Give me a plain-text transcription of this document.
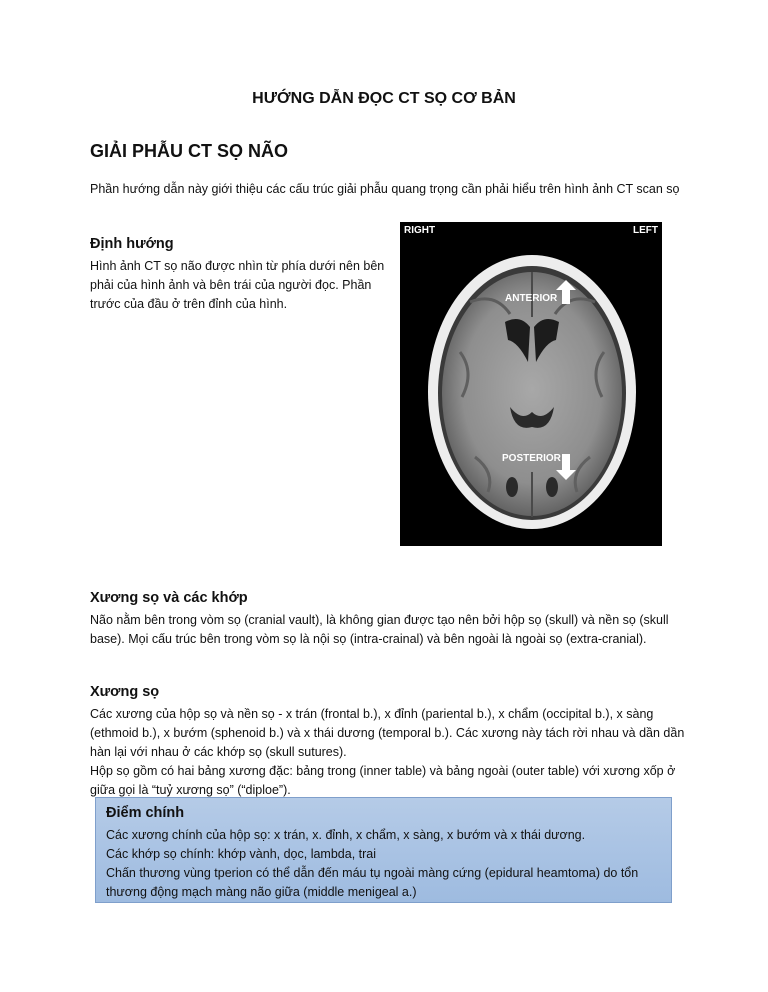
HƯỚNG DẪN ĐỌC CT SỌ CƠ BẢN
GIẢI PHẪU CT SỌ NÃO
Phần hướng dẫn này giới thiệu các cấu trúc giải phẫu quang trọng cần phải hiểu trên hình ảnh CT scan sọ
Định hướng
Hình ảnh CT sọ não được nhìn từ phía dưới nên bên phải của hình ảnh và bên trái của người đọc. Phần trước của đầu ở trên đỉnh của hình.
RIGHT	LEFT
ANTERIOR
POSTERIOR
Xương sọ và các khớp
Não nằm bên trong vòm sọ (cranial vault), là không gian được tạo nên bởi hộp sọ (skull) và nền sọ (skull base). Mọi cấu trúc bên trong vòm sọ là nội sọ (intra-crainal) và bên ngoài là ngoài sọ (extra-cranial).
Xương sọ
Các xương của hộp sọ và nền sọ - x trán (frontal b.), x đỉnh (pariental b.), x chẩm (occipital b.), x sàng (ethmoid b.), x bướm (sphenoid b.) và x thái dương (temporal b.). Các xương này tách rời nhau và dần dần hàn lại với nhau ở các khớp sọ (skull sutures).
Hộp sọ gồm có hai bảng xương đặc: bảng trong (inner table) và bảng ngoài (outer table) với xương xốp ở giữa gọi là “tuỷ xương sọ” (“diploe”).
Điểm chính
Các xương chính của hộp sọ: x trán, x. đỉnh, x chẩm, x sàng, x bướm và x thái dương.
Các khớp sọ chính: khớp vành, dọc, lambda, trai
Chấn thương vùng tperion có thể dẫn đến máu tụ ngoài màng cứng (epidural heamtoma) do tổn thương động mạch màng não giữa (middle menigeal a.)
